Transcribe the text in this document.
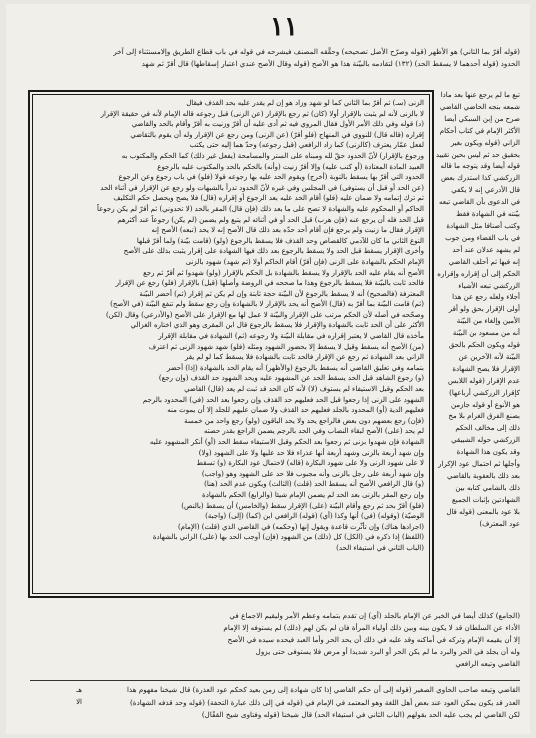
١١
(قوله أقرّ بما الثاني) هو الأظهر (قوله وصرّح الأصل تصحيحه) وحقَّقه المصنف فيشرحه في قوله في باب قطاع الطريق وإلامستثناء إلى آخر
الحدود (قوله أحدهما لا يسقط الحد) (١٣٢) لتقادمه بالبيّنة هذا هو الأصح (قوله وقال الأصح عندي اعتبار إسقاطها) قال أقرّ ثم شهد
تبع ما لم يرجع عنها بعد مادا
شمعه بنجه الحاضي القاضي
صرح من إبن السبكي أيضا
الأكثر الإمام في كتاب أحكام
الزاني (قوله ويكون بغير
بحقيق حد ثم ليس بحين تقييد
قوله أيضا وقد يتوجه ما قاله
الزركشي كذا استدرك بعض
قال الأدرعي إنه لا يكفي
في الدعوى بأن القاضي تبعه
بيّنته في الشهادة فقط
وكتب أصنافا مثل الشهادة
في باب القضاء ومن جوب
لم يشهد عدلان عند أحد
إنه فيها ثم أحلف القاضي
الحكم إلى أن إقراره وإقراره
الزركشي تبعه الأشياء
أجلاء ولعله رجع عن هذا
أولى الإقرار بحق ولو أقر
الأمين وإلغاء من البيّنة
أنه من مسعود بن البيّنة
قوله ويكون الحكم بالحق
البيّنة لأنه الآخرين عن
الإقرار فلا يصح الشهادة
عدم الإقرار (قوله اللابس
كإقرار الزركشي أرباعها)
هو الأنوع أو قوله جازمن
بصنع الفرق الغرام بلا مخ
ذلك إلى مخالف الحكم
الزركشي حوله الشبيقي
وقد يكون هذا الشهادة
وأجلها ثم احتمال عود الإكرار
بعد ذلك بالعقوبة بالقاضي
ذلك بالشامي كتابه بين
الشهادتين بإثبات الجميع
بلا عود بالمعنى (قوله قال
عود المعترف)
الزنى (سـ) ثم أقرّ بما الثاني كما لو شهد وزاد هو إن لم يقدر عليه بحد القذف فيقال
لا بالزنى لأنه لم يثبت بالإقرار أولا (كان) ثم رجع بالإقرار (عن الزنى) قبل رجوعه قاله الإمام لأنه في حقيقة الإقرار
(د) قوله وفي ذلك الأمر الأول فقال المروي فيه ثم أدى عليه أن أقرّ وزنيت به أقرّ وأقام بالحد والقاضي
إقراره (قاله قال) للنووي في المنهاج (فلو أقرّ) (عن الزنى) ومن رجع عن الإقرار وله أن يقوم بالتقاضي
لفعل عمّار يعترف (كالزنى) كما زاد الرافعي (قبل رجوعه) وحدّ هما إليه حتى يكتب
ورجوع بالإقرار) لأنّ الحدود حقّ لله ومبناه على الستر والمسامحة (يفعل غير ذلك) كما الحكم والمكتوب به
العبيد المادة المعتادة (أو كتب عليه) وإلا أقرّ زنيت (وأنه) بالحكم بالحد والمكتوب عليه بالرجوع
الحدود التي أقرّ بها يسقط بالتوبة (أخرج) ويقوم الحد عليه بها رجوعه قولا (فلو) في باب رجوع وعن الرجوع
(عن الحد أو قبل أن يستوفى) في المجلس وفي غيره لأنّ الحدود تدرأ بالشبهات ولو رجع عن الإقرار في أثناء الحد
ثم ترك إتمامه ولا ضمان عليه (فلو) أقام الحد عليه بعد الرجوع أو إقراره (قال) فلا يصح ويحصل حكم التكليف
الحاكم أو المحكوم عليه والشهادة لا تصح على ما بعد ذلك (فإن قال) المقر بالحد (لا تحدوني) ثم أقرّ لم يكن رجوعاً
قبل الحد فله أن يرجع عنه (فإن هرب) قبل الحد أو في أثنائه لم يتبع ولم يضمن (لم يكن) رجوعاً عند أكثرهم
الإقرار فقال ما زنيت ولم يرجع فإن أقام أحد حدّه بعد ذلك قال الأصح إنه لا يحد (تبعه) الأصح إنه
النوع الثاني ما كان للآدمي كالقصاص وحد القذف فلا يسقط بالرجوع (ولو) (قامت بيّنة) ولما أقرّ قبلها
وأخرى الإقرار يسقط قبل الحد ولا يسقط بالرجوع بعد ذلك فيها الشهادة على إقرار يثبت بذلك على الأصح
الإمام الحكم بالشهادة على الزنى (فإن أقرّ) أقام الحاكم أولا (ثم شهد) شهود بالزنى
الأصح أنه يقام عليه الحد بالإقرار ولا يسقط بالشهادة بل الحكم بالإقرار (ولو) شهدوا ثم أقرّ ثم رجع
فالحد ثابت بالبيّنة فلا يسقط بالرجوع وهذا ما صححه في الروضة وأصلها (قيل) بالإقرار (فلو) رجع عن الإقرار
المعترفة (فالصحيح) أنه لا يسقط بالرجوع لأن البيّنة حجة ثابتة وإن لم يكن ثم إقرار (ثم) أحضر البيّنة
(ثم) قامت البيّنة بما أقرّ به (قال) الأصح أنه يحد بالإقرار لا بالشهادة وإن رجع سقط ولم تنفع البيّنة (في الأصح)
وصحّحه في أصله لأن الحكم مرتب على الإقرار والبيّنة لا عمل لها مع الإقرار على الأصح (والأدرعي) وقال (لكن)
الأكثر على أن الحد ثابت بالشهادة والإقرار فلا يسقط بالرجوع قال ابن المقرى وهو الذي اختاره الغزالي
مأخذه قال القاضي لا يعتبر إقراره في مقابلة البيّنة ولا رجوعه (ثم) الشهادة في مقابلة الإقرار
(من) الأصح أنه يسقط وقيل لا يسقط إلا بحضور الشهود ومثله (فلو) شهد شهود الزنى ثم اعترف
الزاني بعد الشهادة ثم رجع عن الإقرار فالحد ثابت بالشهادة فلا يسقط كما لو لم يقر
بتمامه وفي تعليق القاضي أنه يسقط بالرجوع (والأظهر) أنه يقام الحد بالشهادة (إذا) أحضر
(و) رجوع الشاهد قبل الحد يسقط الحد عن المشهود عليه ويحد الشهود حد القذف (وإن رجع)
بعد الحكم وقبل الاستيفاء لم يستوف (لا) لأنه كان الحد قد ثبت لم يعد (قال) القاضي
الشهود على الزنى إذا رجعوا قبل الحد فعليهم حد القذف وإن رجعوا بعد الحد (في) المحدود بالرجم
فعليهم الدية (أو) المحدود بالجلد فعليهم حد القذف ولا ضمان عليهم للجلد إلا أن يموت منه
(فإن) رجع بعضهم دون بعض فالراجع يحد ولا يحد الباقون (ولو) رجع واحد من خمسة
لم يحد (على) الأصح لبقاء النصاب وفي الحد بالرجم يضمن الراجع بقدر حصته
الشهادة فإن شهدوا بزنى ثم رجعوا بعد الحكم وقبل الاستيفاء سقط الحد (أو) أنكر المشهود عليه
وإن شهد أربعة بالزنى وشهد أربعة أنها عذراء فلا حد عليها ولا على الشهود (ولا)
لا على شهود الزنى ولا على شهود البكارة (قاله) لاحتمال عود البكارة (و) تسقط
وإن شهد أربعة على رجل بالزنى وأنه مجبوب فلا حد على الشهود وهو (واجب)
(و) قال الرافعي الأصح أنه يسقط الحد (قلت) (الثالث) ويكون عدم الحد (هنا)
وإن رجع المقر بالزنى بعد الحد لم يضمن الإمام شيئا (والرابع) الحكم بالشهادة
(فلو) أقرّ بحد ثم رجع وأقام البيّنة (على) الإقرار سقط (والخامس) أن يسقط (بالنص)
الوصيّة) (وقوله) (في) أنها وكذا (أي) (قوله) الرافعي ابن (كما) (إلى) (واجبة)
(اجرادها هناك) وإن تأثّرت قاعدة ويقول إنها (وحكمه) في القاضي الذي (قلت) (الإمام)
(اللفظ) إذا ذكره في (الكل) كل (ذلك) من الشهود (فإن) أوجب الحد بها (على) الزاني بالشهادة
(الباب الثاني في استيفاء الحد)
(الجامع) كذلك أيضا في الخبر عن الإمام بالجلد (أي) إن تقدم بتمامه وعظم الأمر وليقيم الاجماع في
الأداء عن السلطان قد لا يكون بينه وبين ذلك أولياء المرأة فان لم يكن لهم (ذلك) لم يستوفه إلا الإمام
إلا أن يقيمه الإمام وتركه في أماكنه وقد عليه في ذلك أن يحد الحر وأما العبد فيحده سيده في الأصح
وله أن يجلد في الحر والبرد ما لم يكن الحر أو البرد شديدا أو مرض فلا يستوفى حتى يزول
القاضي وتبعه الرافعي
القاضي وتبعه صاحب الحاوي الصغير (قوله إلى أن حكم القاضي إذا كان شهادة إلى زمن بعيد كحكم عود العذرة) قال شيخنا مفهوم هذا
العذر قد يكون يمكن العود عند بعض أهل اللغة وهو المعتمد في الإمام في (قوله في إلى ذلك عبارة التحفة) (قوله وحد قذفه الشهادة)
لكن القاضي لم يجب عليه الحد بقولهم (الباب الثاني في استيفاء الحد) قال شيخنا (قوله وفتاوى شيخ القفّال)
هـ
الا
